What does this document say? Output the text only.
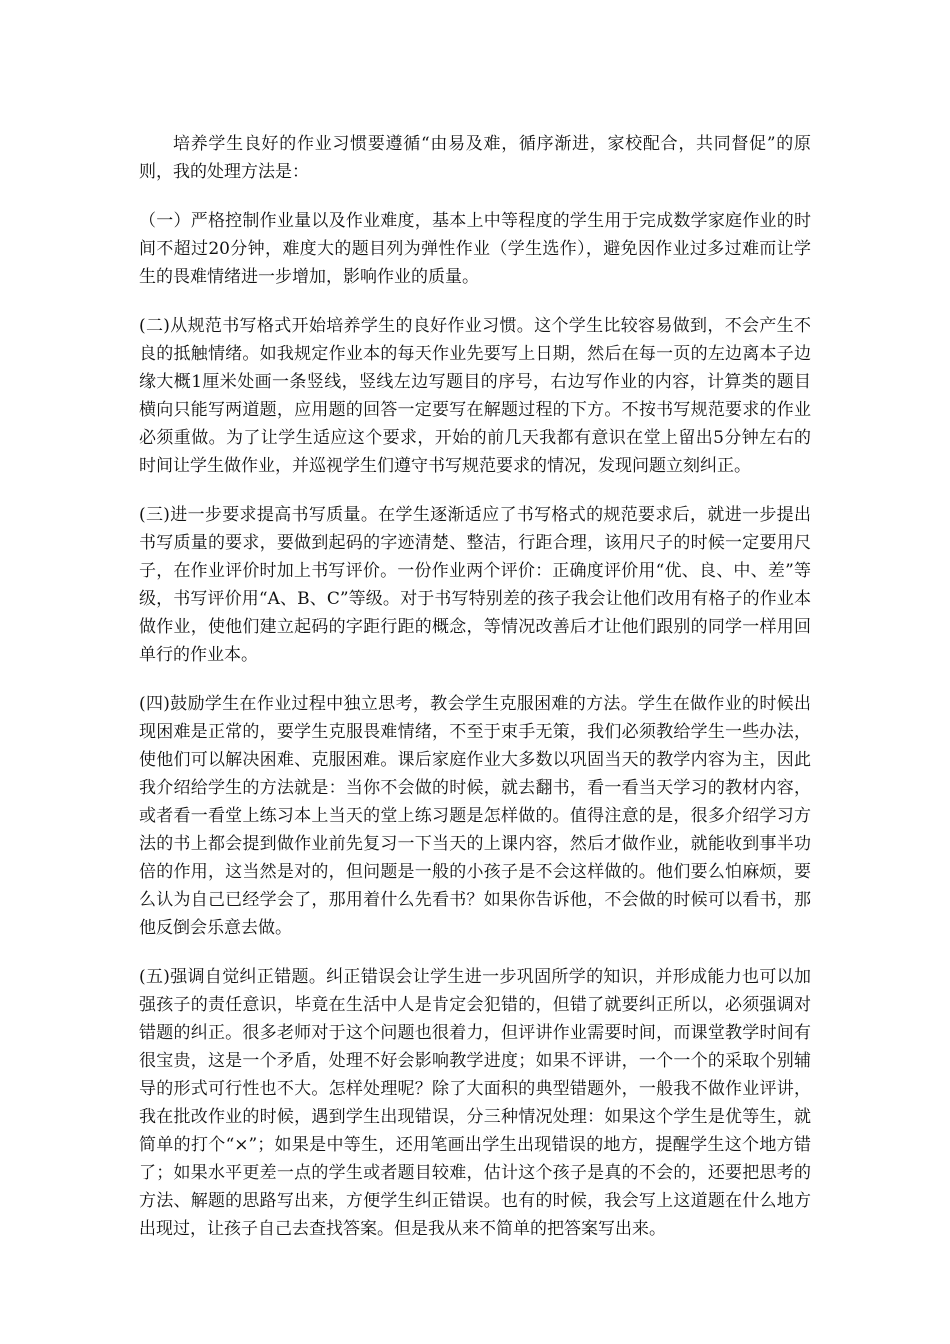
培养学生良好的作业习惯要遵循“由易及难，循序渐进，家校配合，共同督促”的原则，我的处理方法是：

（一）严格控制作业量以及作业难度，基本上中等程度的学生用于完成数学家庭作业的时间不超过20分钟，难度大的题目列为弹性作业（学生选作），避免因作业过多过难而让学生的畏难情绪进一步增加，影响作业的质量。

(二)从规范书写格式开始培养学生的良好作业习惯。这个学生比较容易做到，不会产生不良的抵触情绪。如我规定作业本的每天作业先要写上日期，然后在每一页的左边离本子边缘大概1厘米处画一条竖线，竖线左边写题目的序号，右边写作业的内容，计算类的题目横向只能写两道题，应用题的回答一定要写在解题过程的下方。不按书写规范要求的作业必须重做。为了让学生适应这个要求，开始的前几天我都有意识在堂上留出5分钟左右的时间让学生做作业，并巡视学生们遵守书写规范要求的情况，发现问题立刻纠正。

(三)进一步要求提高书写质量。在学生逐渐适应了书写格式的规范要求后，就进一步提出书写质量的要求，要做到起码的字迹清楚、整洁，行距合理，该用尺子的时候一定要用尺子，在作业评价时加上书写评价。一份作业两个评价：正确度评价用“优、良、中、差”等级，书写评价用“A、B、C”等级。对于书写特别差的孩子我会让他们改用有格子的作业本做作业，使他们建立起码的字距行距的概念，等情况改善后才让他们跟别的同学一样用回单行的作业本。

(四)鼓励学生在作业过程中独立思考，教会学生克服困难的方法。学生在做作业的时候出现困难是正常的，要学生克服畏难情绪，不至于束手无策，我们必须教给学生一些办法，使他们可以解决困难、克服困难。课后家庭作业大多数以巩固当天的教学内容为主，因此我介绍给学生的方法就是：当你不会做的时候，就去翻书，看一看当天学习的教材内容，或者看一看堂上练习本上当天的堂上练习题是怎样做的。值得注意的是，很多介绍学习方法的书上都会提到做作业前先复习一下当天的上课内容，然后才做作业，就能收到事半功倍的作用，这当然是对的，但问题是一般的小孩子是不会这样做的。他们要么怕麻烦，要么认为自己已经学会了，那用着什么先看书？如果你告诉他，不会做的时候可以看书，那他反倒会乐意去做。

(五)强调自觉纠正错题。纠正错误会让学生进一步巩固所学的知识，并形成能力也可以加强孩子的责任意识，毕竟在生活中人是肯定会犯错的，但错了就要纠正所以，必须强调对错题的纠正。很多老师对于这个问题也很着力，但评讲作业需要时间，而课堂教学时间有很宝贵，这是一个矛盾，处理不好会影响教学进度；如果不评讲，一个一个的采取个别辅导的形式可行性也不大。怎样处理呢？除了大面积的典型错题外，一般我不做作业评讲，我在批改作业的时候，遇到学生出现错误，分三种情况处理：如果这个学生是优等生，就简单的打个“×”；如果是中等生，还用笔画出学生出现错误的地方，提醒学生这个地方错了；如果水平更差一点的学生或者题目较难，估计这个孩子是真的不会的，还要把思考的方法、解题的思路写出来，方便学生纠正错误。也有的时候，我会写上这道题在什么地方出现过，让孩子自己去查找答案。但是我从来不简单的把答案写出来。
